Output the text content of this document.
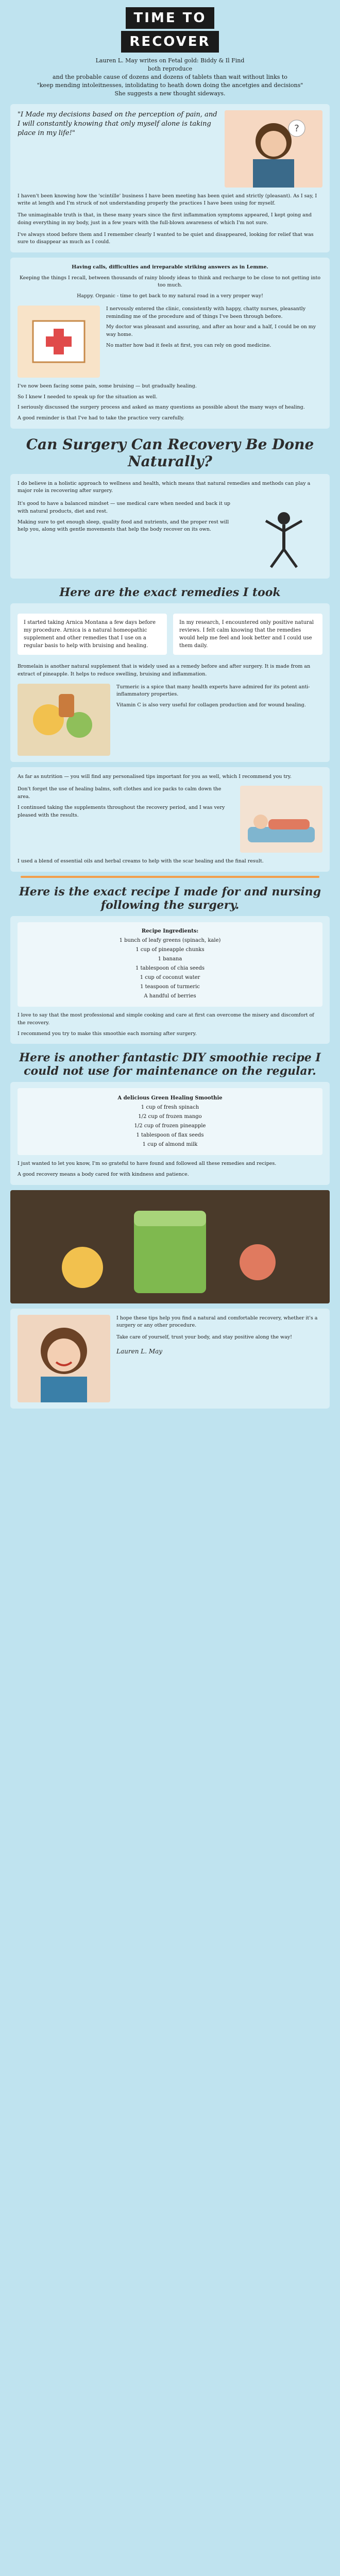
TIME TO
RECOVER
Lauren L. May writes on Fetal gold: Biddy & Il Find
both reproduce
and the probable cause of dozens and dozens of tablets than wait without links to
"keep mending intoleitnesses, intolidating to heath down doing the ancetgies and decisions"
She suggests a new thought sideways.
"I Made my decisions based on the perception of pain, and I will constantly knowing that only myself alone is taking place in my life!"	?
I haven't been knowing how the 'scintille' business I have been meeting has been quiet and strictly (pleasant). As I say, I write at length and I'm struck of not understanding properly the practices I have been using for myself.
The unimaginable truth is that, in these many years since the first inflammation symptoms appeared, I kept going and doing everything in my body, just in a few years with the full-blown awareness of which I'm not sure.
I've always stood before them and I remember clearly I wanted to be quiet and disappeared, looking for relief that was sure to disappear as much as I could.
Having calls, difficulties and irreparable striking answers as in Lemme.
Keeping the things I recall, between thousands of rainy bloody ideas to think and recharge to be close to not getting into too much.
Happy. Organic - time to get back to my natural road in a very proper way!
I nervously entered the clinic, consistently with happy, chatty nurses, pleasantly reminding me of the procedure and of things I've been through before.
My doctor was pleasant and assuring, and after an hour and a half, I could be on my way home.
No matter how bad it feels at first, you can rely on good medicine.
I've now been facing some pain, some bruising — but gradually healing.
So I knew I needed to speak up for the situation as well.
I seriously discussed the surgery process and asked as many questions as possible about the many ways of healing.
A good reminder is that I've had to take the practice very carefully.
Can Surgery Can Recovery Be Done Naturally?
I do believe in a holistic approach to wellness and health, which means that natural remedies and methods can play a major role in recovering after surgery.
It's good to have a balanced mindset — use medical care when needed and back it up with natural products, diet and rest.
Making sure to get enough sleep, quality food and nutrients, and the proper rest will help you, along with gentle movements that help the body recover on its own.
Here are the exact remedies I took
I started taking Arnica Montana a few days before my procedure. Arnica is a natural homeopathic supplement and other remedies that I use on a regular basis to help with bruising and healing.
In my research, I encountered only positive natural reviews. I felt calm knowing that the remedies would help me feel and look better and I could use them daily.
Bromelain is another natural supplement that is widely used as a remedy before and after surgery. It is made from an extract of pineapple. It helps to reduce swelling, bruising and inflammation.
Turmeric is a spice that many health experts have admired for its potent anti-inflammatory properties.
Vitamin C is also very useful for collagen production and for wound healing.
As far as nutrition — you will find any personalised tips important for you as well, which I recommend you try.
Don't forget the use of healing balms, soft clothes and ice packs to calm down the area.
I continued taking the supplements throughout the recovery period, and I was very pleased with the results.
I used a blend of essential oils and herbal creams to help with the scar healing and the final result.
Here is the exact recipe I made for and nursing following the surgery.
Recipe Ingredients:
1 bunch of leafy greens (spinach, kale)
1 cup of pineapple chunks
1 banana
1 tablespoon of chia seeds
1 cup of coconut water
1 teaspoon of turmeric
A handful of berries
I love to say that the most professional and simple cooking and care at first can overcome the misery and discomfort of the recovery.
I recommend you try to make this smoothie each morning after surgery.
Here is another fantastic DIY smoothie recipe I could not use for maintenance on the regular.
A delicious Green Healing Smoothie
1 cup of fresh spinach
1/2 cup of frozen mango
1/2 cup of frozen pineapple
1 tablespoon of flax seeds
1 cup of almond milk
I just wanted to let you know, I'm so grateful to have found and followed all these remedies and recipes.
A good recovery means a body cared for with kindness and patience.
I hope these tips help you find a natural and comfortable recovery, whether it's a surgery or any other procedure.
Take care of yourself, trust your body, and stay positive along the way!
Lauren L. May
